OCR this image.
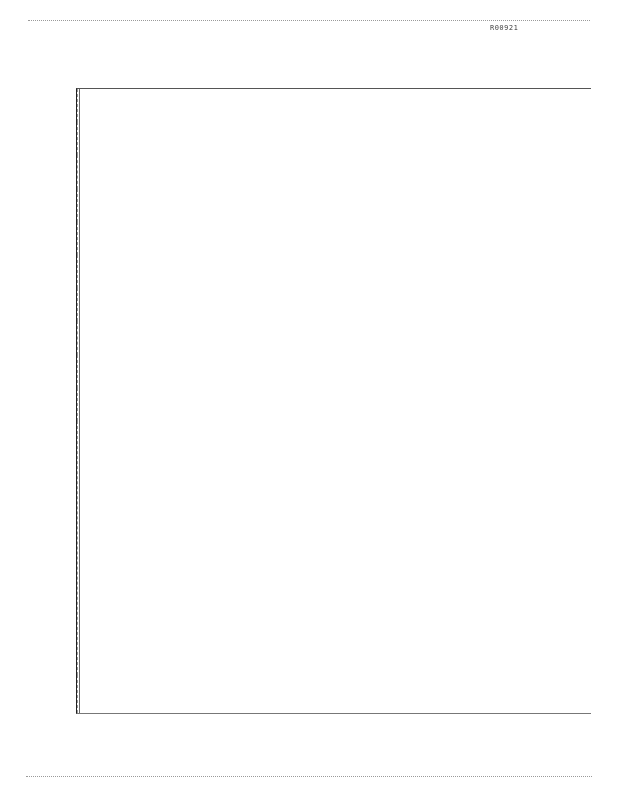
R00921
